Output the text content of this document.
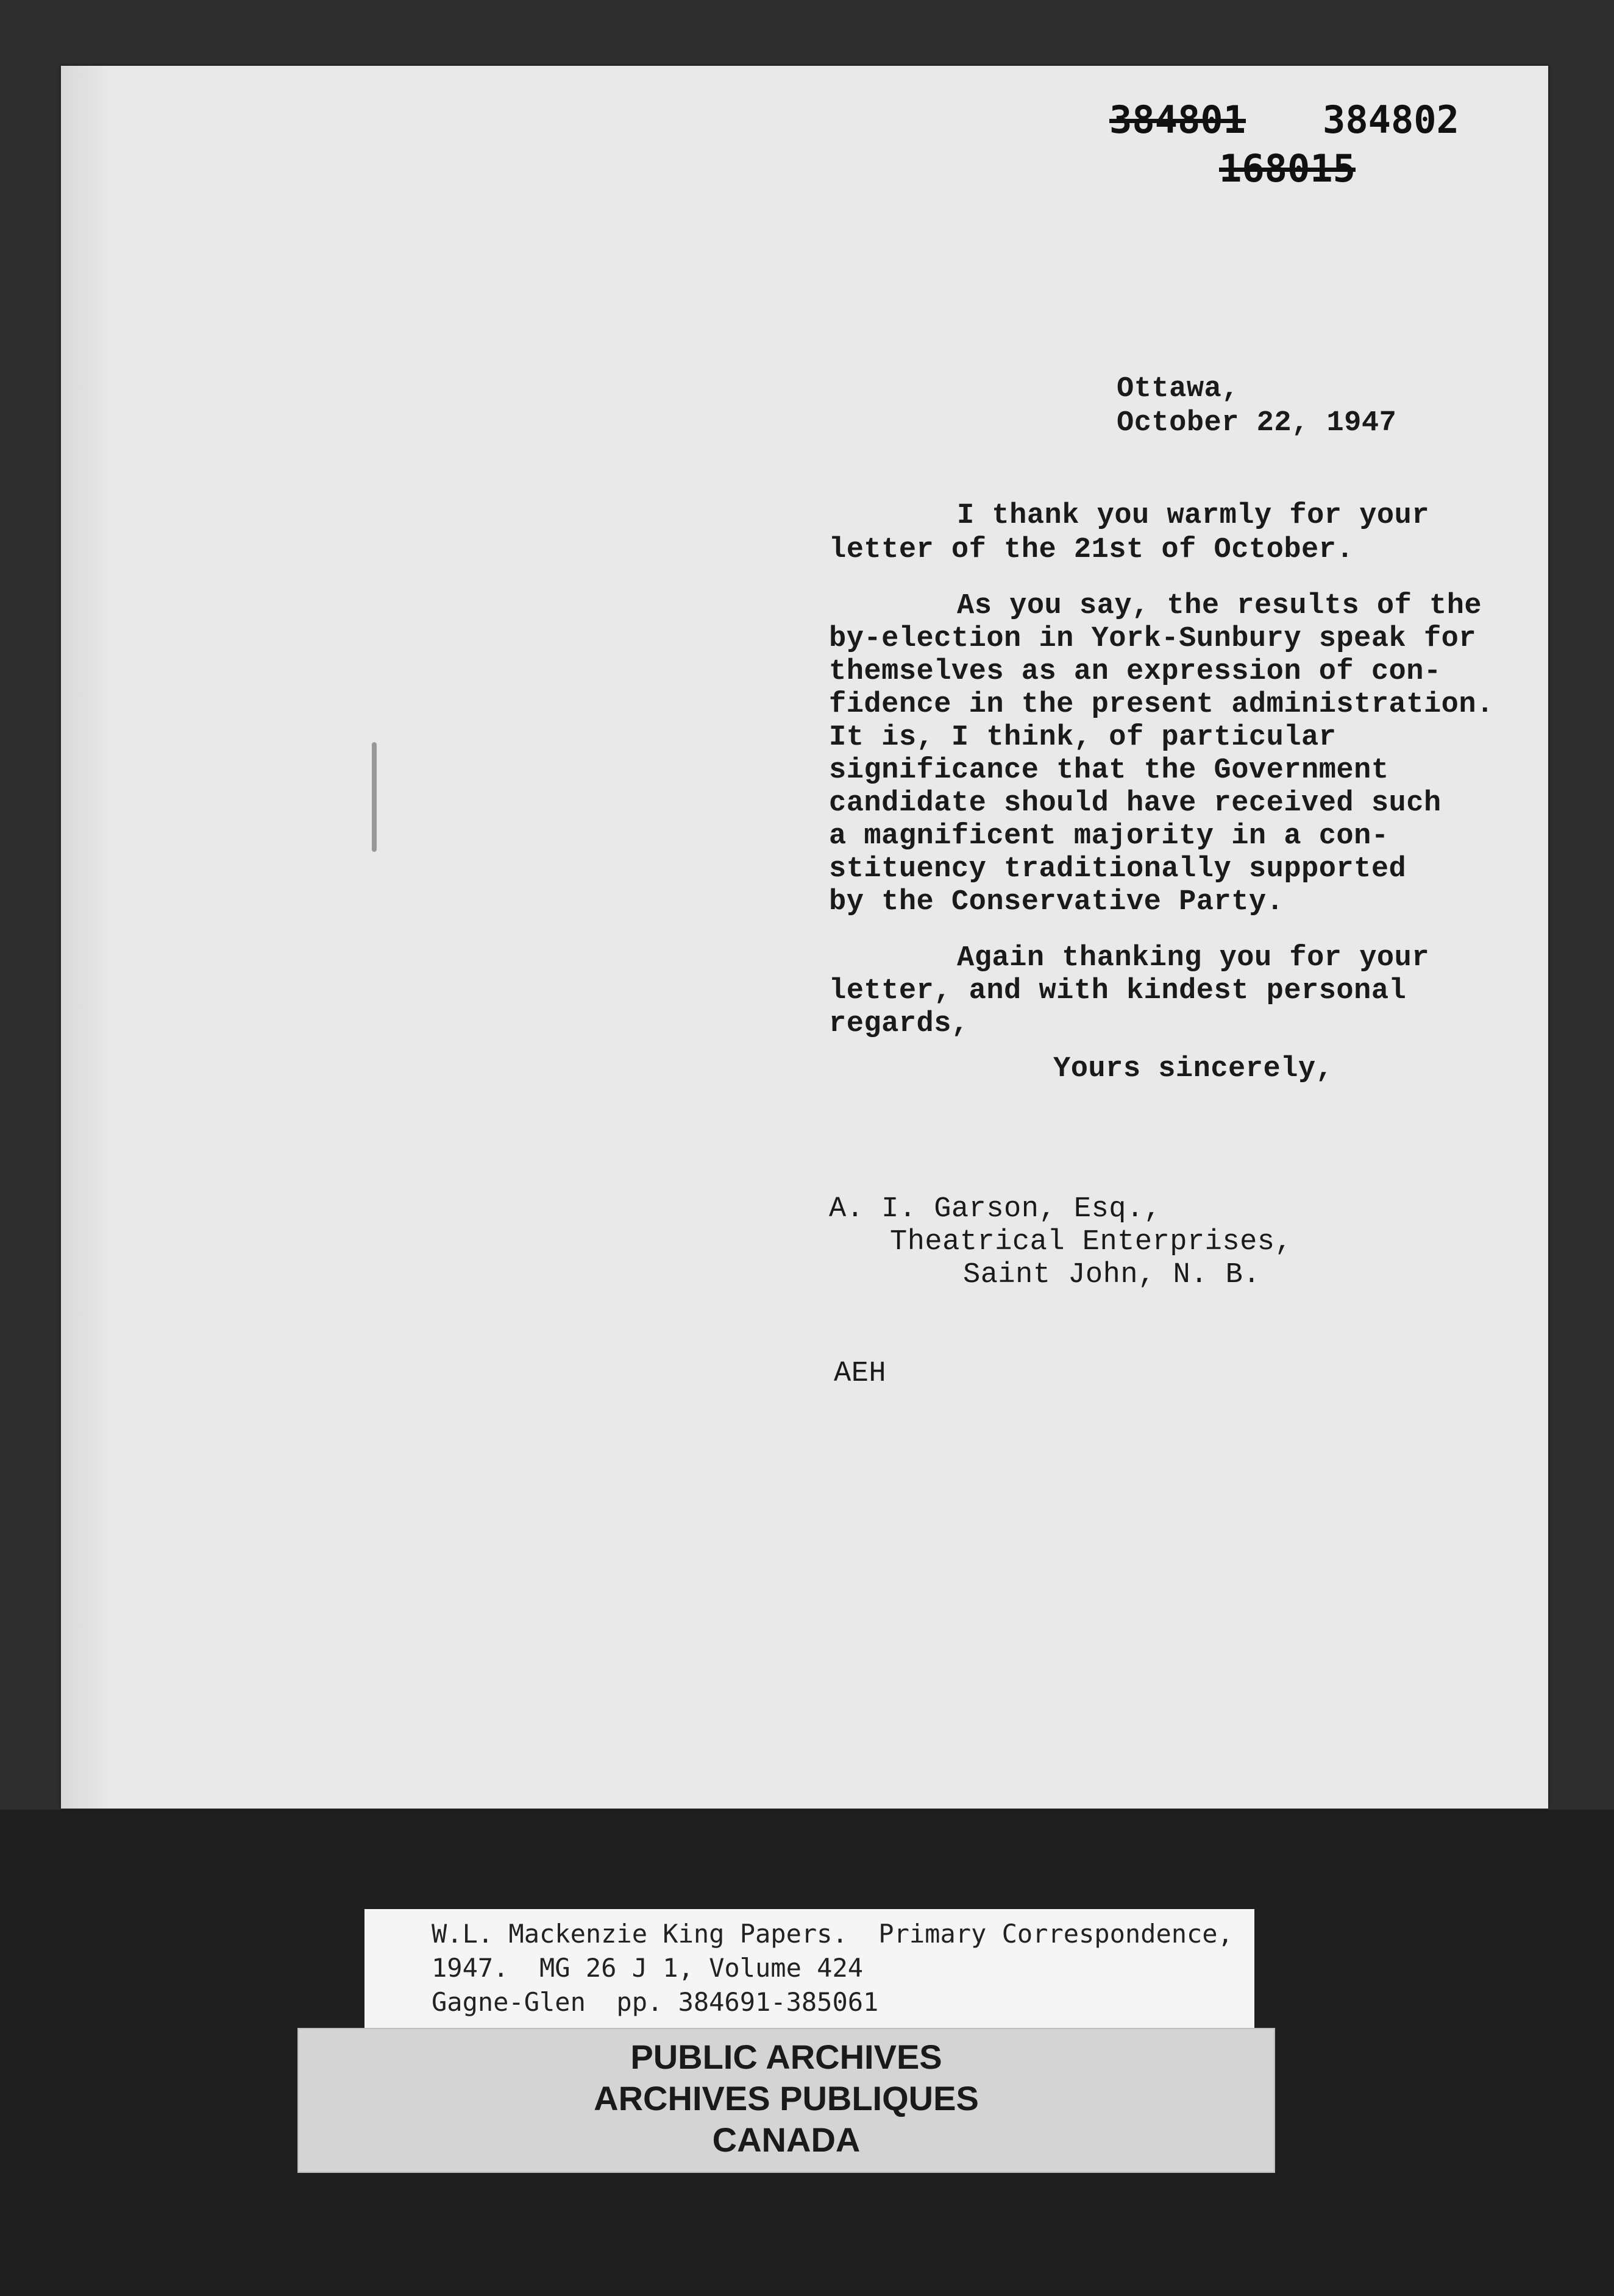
384801 384802
168015
Ottawa,
October 22, 1947
I thank you warmly for your
letter of the 21st of October.
As you say, the results of the
by-election in York-Sunbury speak for
themselves as an expression of con-
fidence in the present administration.
It is, I think, of particular
significance that the Government
candidate should have received such
a magnificent majority in a con-
stituency traditionally supported
by the Conservative Party.
Again thanking you for your
letter, and with kindest personal
regards,
Yours sincerely,
A. I. Garson, Esq.,
Theatrical Enterprises,
Saint John, N. B.
AEH
W.L. Mackenzie King Papers.  Primary Correspondence,
1947.  MG 26 J 1, Volume 424
Gagne-Glen  pp. 384691-385061
PUBLIC ARCHIVES
ARCHIVES PUBLIQUES
CANADA
